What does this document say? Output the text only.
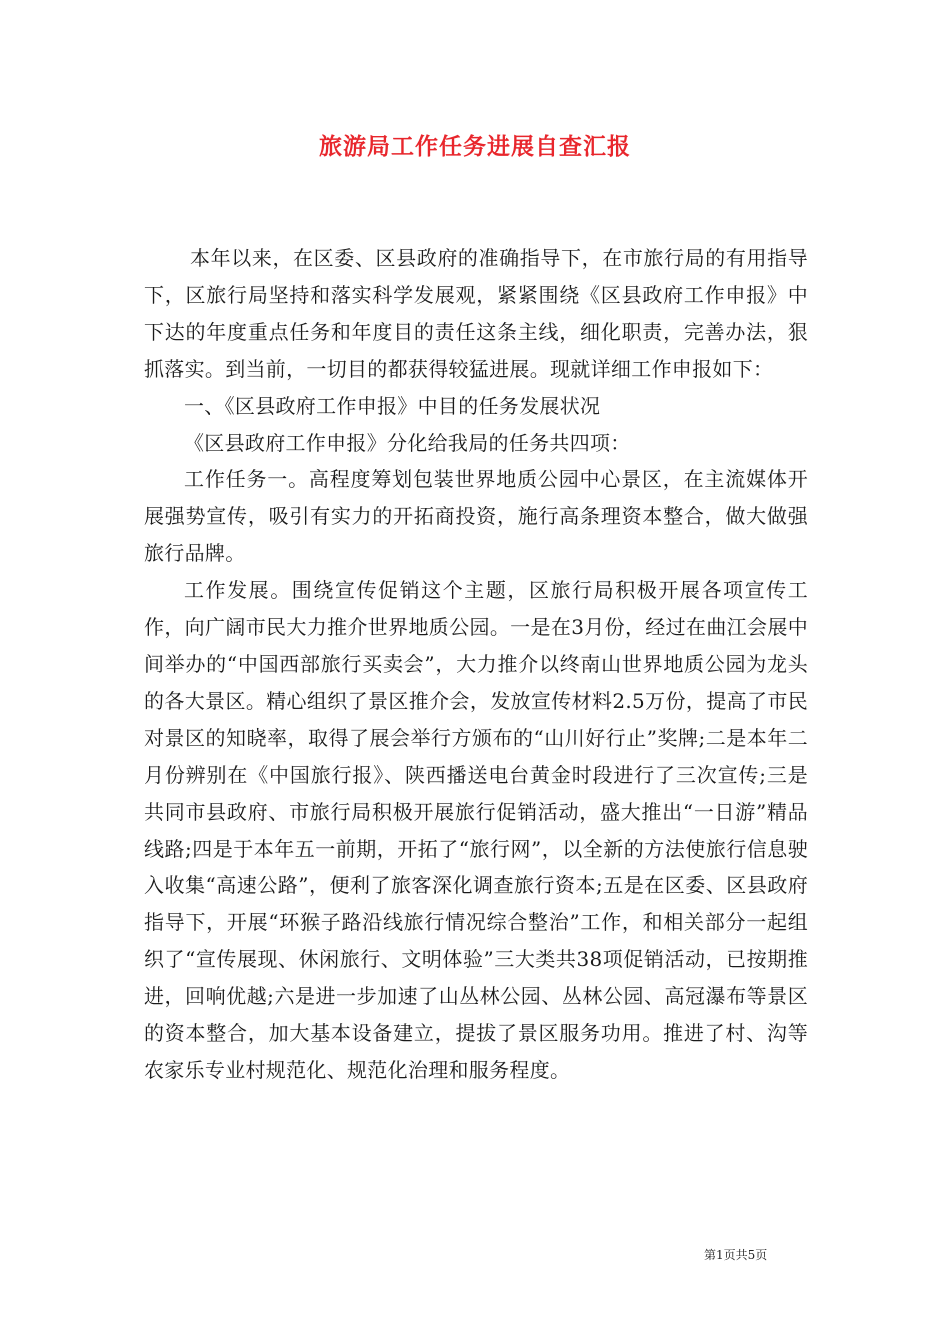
旅游局工作任务进展自查汇报

本年以来，在区委、区县政府的准确指导下，在市旅行局的有用指导下，区旅行局坚持和落实科学发展观，紧紧围绕《区县政府工作申报》中下达的年度重点任务和年度目的责任这条主线，细化职责，完善办法，狠抓落实。到当前，一切目的都获得较猛进展。现就详细工作申报如下：

一、《区县政府工作申报》中目的任务发展状况

《区县政府工作申报》分化给我局的任务共四项：

工作任务一。高程度筹划包装世界地质公园中心景区，在主流媒体开展强势宣传，吸引有实力的开拓商投资，施行高条理资本整合，做大做强旅行品牌。

工作发展。围绕宣传促销这个主题，区旅行局积极开展各项宣传工作，向广阔市民大力推介世界地质公园。一是在3月份，经过在曲江会展中间举办的“中国西部旅行买卖会”，大力推介以终南山世界地质公园为龙头的各大景区。精心组织了景区推介会，发放宣传材料2.5万份，提高了市民对景区的知晓率，取得了展会举行方颁布的“山川好行止”奖牌;二是本年二月份辨别在《中国旅行报》、陕西播送电台黄金时段进行了三次宣传;三是共同市县政府、市旅行局积极开展旅行促销活动，盛大推出“一日游”精品线路;四是于本年五一前期，开拓了“旅行网”，以全新的方法使旅行信息驶入收集“高速公路”，便利了旅客深化调查旅行资本;五是在区委、区县政府指导下，开展“环猴子路沿线旅行情况综合整治”工作，和相关部分一起组织了“宣传展现、休闲旅行、文明体验”三大类共38项促销活动，已按期推进，回响优越;六是进一步加速了山丛林公园、丛林公园、高冠瀑布等景区的资本整合，加大基本设备建立，提拔了景区服务功用。推进了村、沟等农家乐专业村规范化、规范化治理和服务程度。

第1页共5页
